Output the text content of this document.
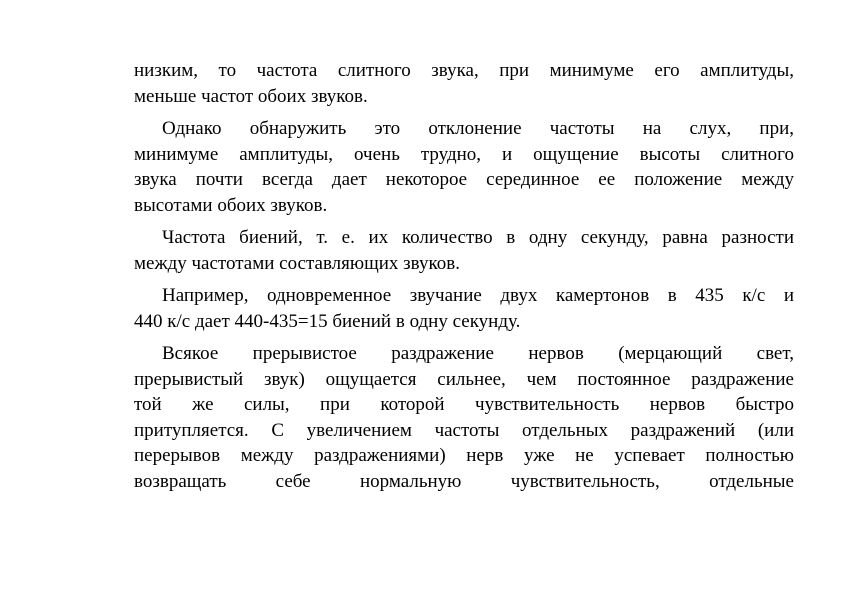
низким, то частота слитного звука, при минимуме его амплитуды,
меньше частот обоих звуков.
Однако обнаружить это отклонение частоты на слух, при,
минимуме амплитуды, очень трудно, и ощущение высоты слитного
звука почти всегда дает некоторое серединное ее положение между
высотами обоих звуков.
Частота биений, т. е. их количество в одну секунду, равна разности
между частотами составляющих звуков.
Например, одновременное звучание двух камертонов в 435 к/с и
440 к/с дает 440-435=15 биений в одну секунду.
Всякое прерывистое раздражение нервов (мерцающий свет,
прерывистый звук) ощущается сильнее, чем постоянное раздражение
той же силы, при которой чувствительность нервов быстро
притупляется. С увеличением частоты отдельных раздражений (или
перерывов между раздражениями) нерв уже не успевает полностью
возвращать себе нормальную чувствительность, отдельные
